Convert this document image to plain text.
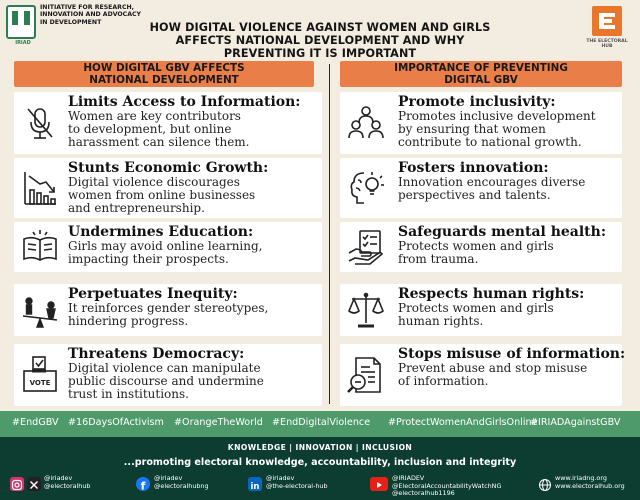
IRIAD
INITIATIVE FOR RESEARCH,
INNOVATION AND ADVOCACY
IN DEVELOPMENT	HOW DIGITAL VIOLENCE AGAINST WOMEN AND GIRLS
AFFECTS NATIONAL DEVELOPMENT AND WHY
PREVENTING IT IS IMPORTANT
THE ELECTORAL HUB
HOW DIGITAL GBV AFFECTS
NATIONAL DEVELOPMENT
IMPORTANCE OF PREVENTING
DIGITAL GBV
Limits Access to Information:
Women are key contributors
to development, but online
harassment can silence them.
Stunts Economic Growth:
Digital violence discourages
women from online businesses
and entrepreneurship.
Undermines Education:
Girls may avoid online learning,
impacting their prospects.
Perpetuates Inequity:
It reinforces gender stereotypes,
hindering progress.
VOTE
Threatens Democracy:
Digital violence can manipulate
public discourse and undermine
trust in institutions.
Promote inclusivity:
Promotes inclusive development
by ensuring that women
contribute to national growth.
Fosters innovation:
Innovation encourages diverse
perspectives and talents.
Safeguards mental health:
Protects women and girls
from trauma.
Respects human rights:
Protects women and girls
human rights.
Stops misuse of information:
Prevent abuse and stop misuse
of information.
#EndGBV #16DaysOfActivism #OrangeTheWorld #EndDigitalViolence #ProtectWomenAndGirlsOnline
#IRIADAgainstGBV
KNOWLEDGE | INNOVATION | INCLUSION
...promoting electoral knowledge, accountability, inclusion and integrity
@iriadev
@electoralhub	f
@iriadev
@electoralhubng	in
@iriadev
@the-electoral-hub
@IRIADEV
@ElectoralAccountabilityWatchNG
@electoralhub1196
www.iriadng.org
www.electoralhub.org
